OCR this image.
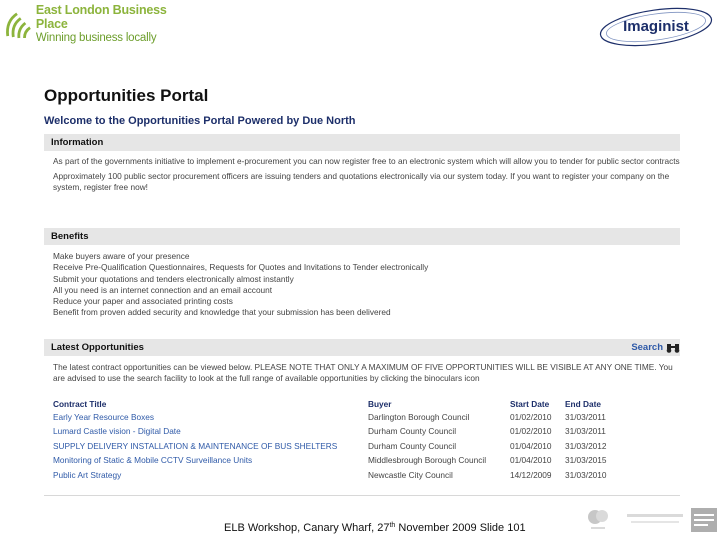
East London Business Place
Winning business locally
Imaginist
Opportunities Portal
Welcome to the Opportunities Portal Powered by Due North
Information

As part of the governments initiative to implement e-procurement you can now register free to an electronic system which will allow you to tender for public sector contracts

Approximately 100 public sector procurement officers are issuing tenders and quotations electronically via our system today. If you want to register your company on the system, register free now!

Benefits
Make buyers aware of your presence
Receive Pre-Qualification Questionnaires, Requests for Quotes and Invitations to Tender electronically
Submit your quotations and tenders electronically almost instantly
All you need is an internet connection and an email account
Reduce your paper and associated printing costs
Benefit from proven added security and knowledge that your submission has been delivered
Latest Opportunities	Search
The latest contract opportunities can be viewed below. PLEASE NOTE THAT ONLY A MAXIMUM OF FIVE OPPORTUNITIES WILL BE VISIBLE AT ANY ONE TIME. You are advised to use the search facility to look at the full range of available opportunities by clicking the binoculars icon
Contract Title	Buyer	Start Date	End Date
Early Year Resource Boxes	Darlington Borough Council	01/02/2010	31/03/2011
Lumard Castle vision - Digital Date	Durham County Council	01/02/2010	31/03/2011
SUPPLY DELIVERY INSTALLATION & MAINTENANCE OF BUS SHELTERS	Durham County Council	01/04/2010	31/03/2012
Monitoring of Static & Mobile CCTV Surveillance Units	Middlesbrough Borough Council	01/04/2010	31/03/2015
Public Art Strategy	Newcastle City Council	14/12/2009	31/03/2010
ELB Workshop, Canary Wharf, 27th November 2009 Slide 101
